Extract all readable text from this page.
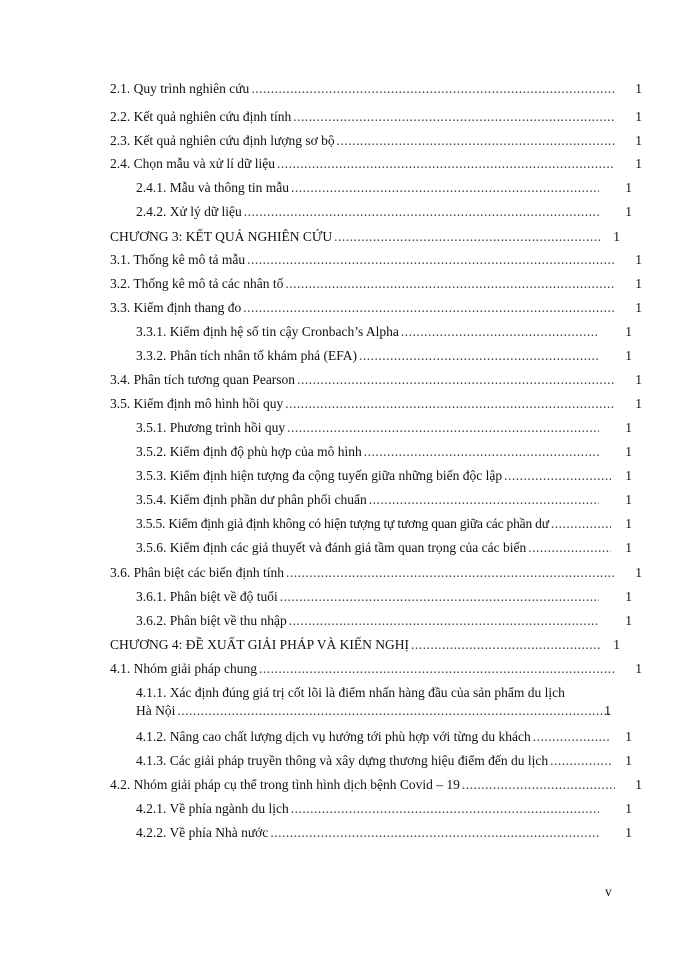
2.1. Quy trình nghiên cứu .....	1
2.2. Kết quả nghiên cứu định tính .....	1
2.3. Kết quả nghiên cứu định lượng sơ bộ .....	1
2.4. Chọn mẫu và xử lí dữ liệu .....	1
2.4.1. Mẫu và thông tin mẫu .....	1
2.4.2. Xử lý dữ liệu .....	1
CHƯƠNG 3: KẾT QUẢ NGHIÊN CỨU .....	1
3.1. Thống kê mô tả mẫu .....	1
3.2. Thống kê mô tả các nhân tố .....	1
3.3. Kiểm định thang đo .....	1
3.3.1. Kiểm định hệ số tin cậy Cronbach’s Alpha .....	1
3.3.2. Phân tích nhân tố khám phá (EFA) .....	1
3.4. Phân tích tương quan Pearson .....	1
3.5. Kiểm định mô hình hồi quy .....	1
3.5.1. Phương trình hồi quy .....	1
3.5.2. Kiểm định độ phù hợp của mô hình .....	1
3.5.3. Kiểm định hiện tượng đa cộng tuyến giữa những biến độc lập .....	1
3.5.4. Kiểm định phần dư phân phối chuẩn .....	1
3.5.5. Kiểm định giả định không có hiện tượng tự tương quan giữa các phần dư .....	1
3.5.6. Kiểm định các giả thuyết và đánh giá tầm quan trọng của các biến .....	1
3.6. Phân biệt các biến định tính .....	1
3.6.1. Phân biệt về độ tuổi .....	1
3.6.2. Phân biệt về thu nhập .....	1
CHƯƠNG 4: ĐỀ XUẤT GIẢI PHÁP VÀ KIẾN NGHỊ .....	1
4.1. Nhóm giải pháp chung .....	1
4.1.1. Xác định đúng giá trị cốt lõi là điểm nhấn hàng đầu của sản phẩm du lịch
Hà Nội .....	1
4.1.2. Nâng cao chất lượng dịch vụ hướng tới phù hợp với từng du khách .....	1
4.1.3. Các giải pháp truyền thông và xây dựng thương hiệu điểm đến du lịch .....	1
4.2. Nhóm giải pháp cụ thể trong tình hình dịch bệnh Covid – 19 .....	1
4.2.1. Về phía ngành du lịch .....	1
4.2.2. Về phía Nhà nước .....	1
v
